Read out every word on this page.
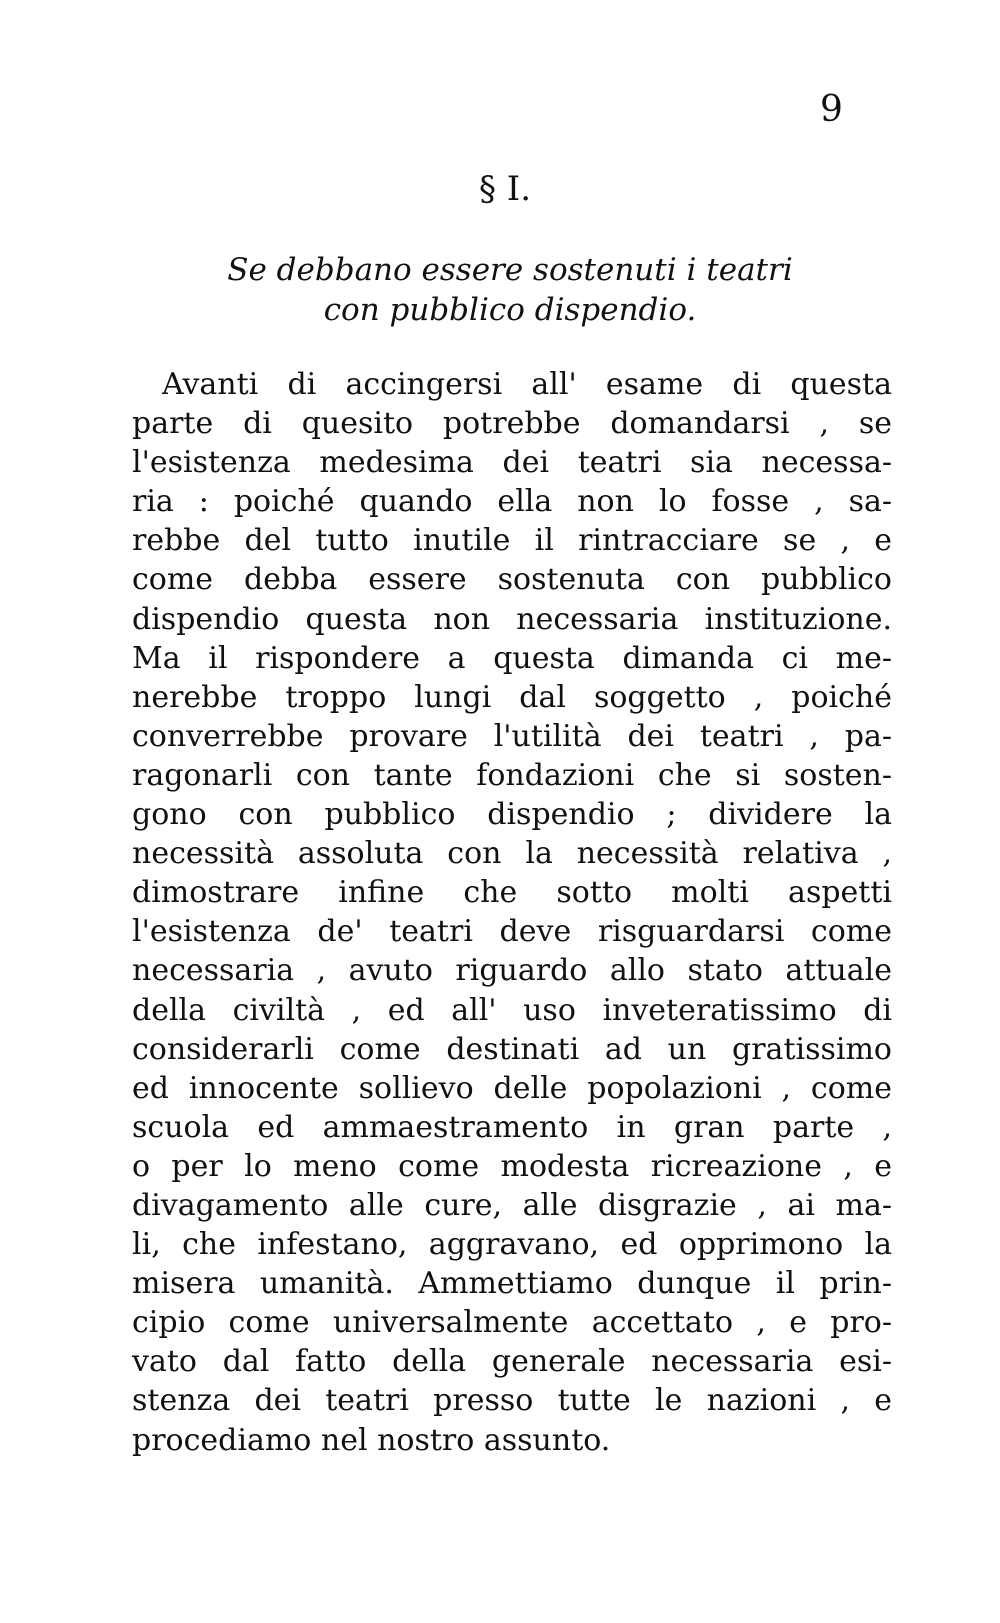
9
§ I.
Se debbano essere sostenuti i teatri
con pubblico dispendio.
Avanti di accingersi all' esame di questa
parte di quesito potrebbe domandarsi , se
l'esistenza medesima dei teatri sia necessa-
ria : poiché quando ella non lo fosse , sa-
rebbe del tutto inutile il rintracciare se , e
come debba essere sostenuta con pubblico
dispendio questa non necessaria instituzione.
Ma il rispondere a questa dimanda ci me-
nerebbe troppo lungi dal soggetto , poiché
converrebbe provare l'utilità dei teatri , pa-
ragonarli con tante fondazioni che si sosten-
gono con pubblico dispendio ; dividere la
necessità assoluta con la necessità relativa ,
dimostrare infine che sotto molti aspetti
l'esistenza de' teatri deve risguardarsi come
necessaria , avuto riguardo allo stato attuale
della civiltà , ed all' uso inveteratissimo di
considerarli come destinati ad un gratissimo
ed innocente sollievo delle popolazioni , come
scuola ed ammaestramento in gran parte ,
o per lo meno come modesta ricreazione , e
divagamento alle cure, alle disgrazie , ai ma-
li, che infestano, aggravano, ed opprimono la
misera umanità. Ammettiamo dunque il prin-
cipio come universalmente accettato , e pro-
vato dal fatto della generale necessaria esi-
stenza dei teatri presso tutte le nazioni , e
procediamo nel nostro assunto.
